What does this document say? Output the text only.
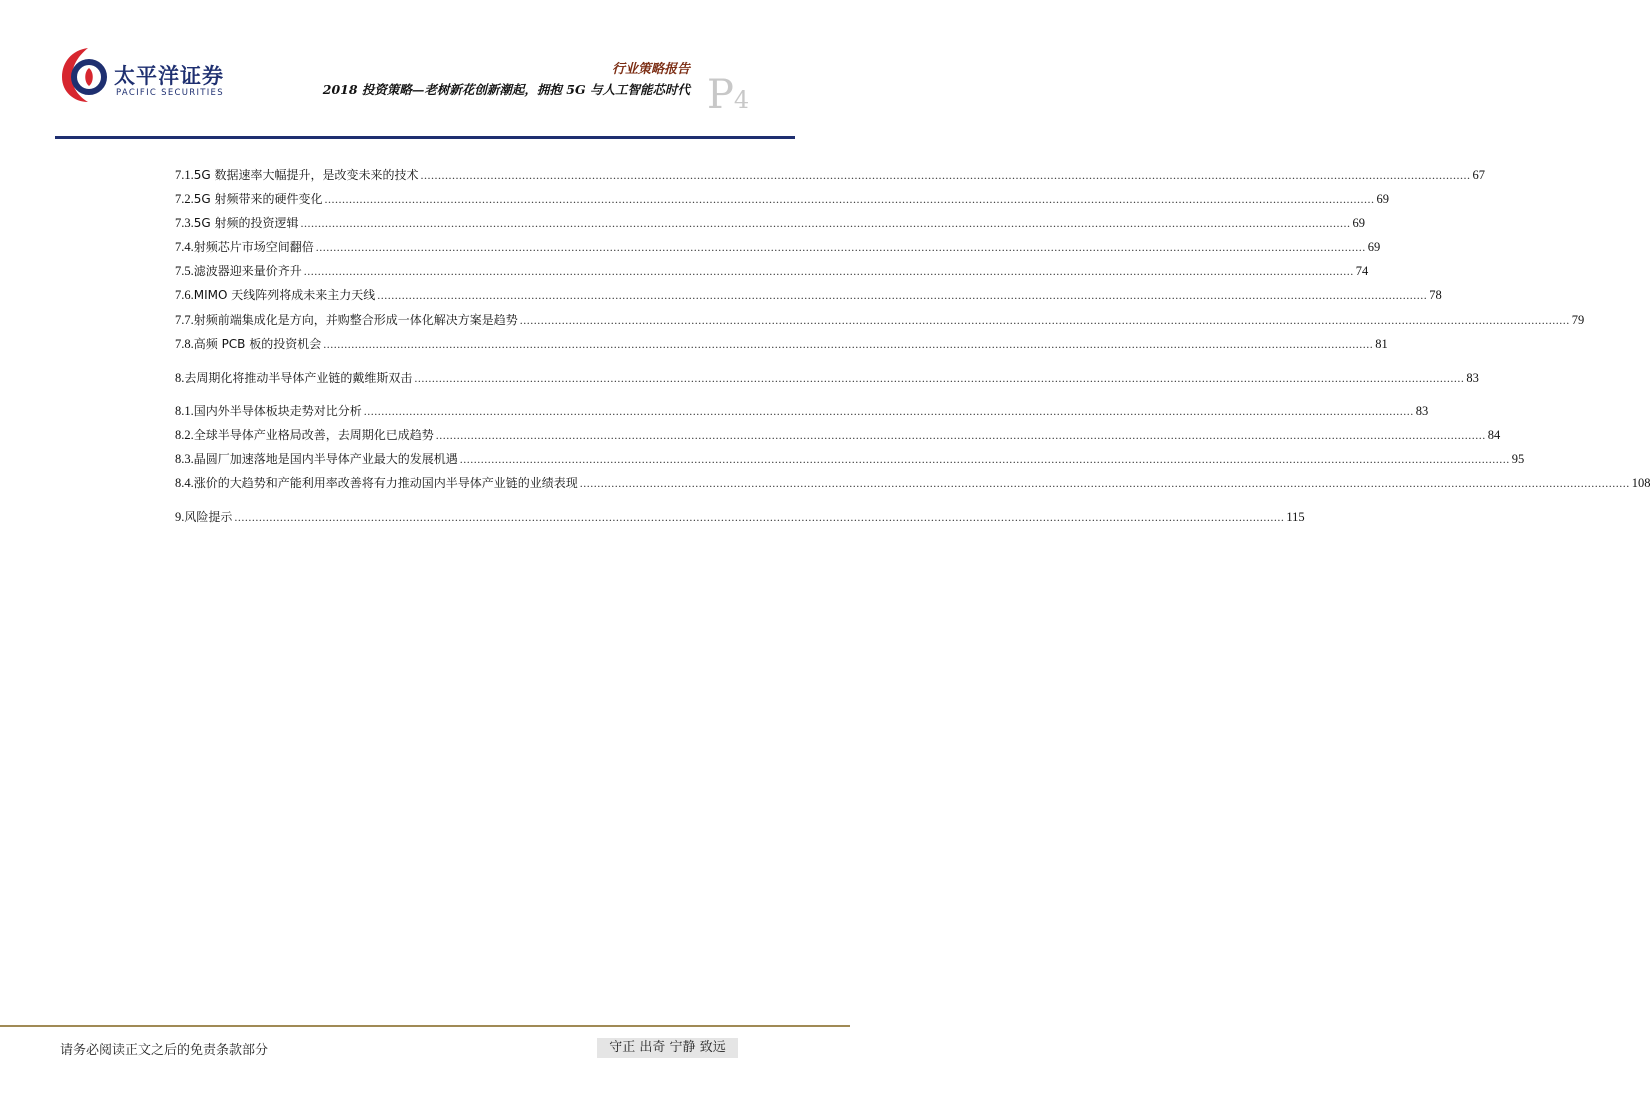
太平洋证券
PACIFIC SECURITIES
行业策略报告
2018 投资策略—老树新花创新潮起，拥抱 5G 与人工智能芯时代 P4
7.1. 5G 数据速率大幅提升，是改变未来的技术 ............................................................................................................................................................................................................................................................................................................ 67
7.2. 5G 射频带来的硬件变化 ............................................................................................................................................................................................................................................................................................................ 69
7.3. 5G 射频的投资逻辑 ............................................................................................................................................................................................................................................................................................................ 69
7.4. 射频芯片市场空间翻倍 ............................................................................................................................................................................................................................................................................................................ 69
7.5. 滤波器迎来量价齐升 ............................................................................................................................................................................................................................................................................................................ 74
7.6. MIMO 天线阵列将成未来主力天线 ............................................................................................................................................................................................................................................................................................................ 78
7.7. 射频前端集成化是方向，并购整合形成一体化解决方案是趋势 ............................................................................................................................................................................................................................................................................................................ 79
7.8. 高频 PCB 板的投资机会 ............................................................................................................................................................................................................................................................................................................ 81
8. 去周期化将推动半导体产业链的戴维斯双击 ............................................................................................................................................................................................................................................................................................................ 83
8.1. 国内外半导体板块走势对比分析 ............................................................................................................................................................................................................................................................................................................ 83
8.2. 全球半导体产业格局改善，去周期化已成趋势 ............................................................................................................................................................................................................................................................................................................ 84
8.3. 晶圆厂加速落地是国内半导体产业最大的发展机遇 ............................................................................................................................................................................................................................................................................................................ 95
8.4. 涨价的大趋势和产能利用率改善将有力推动国内半导体产业链的业绩表现 ............................................................................................................................................................................................................................................................................................................ 108
9. 风险提示 ............................................................................................................................................................................................................................................................................................................ 115
请务必阅读正文之后的免责条款部分	守正 出奇 宁静 致远
